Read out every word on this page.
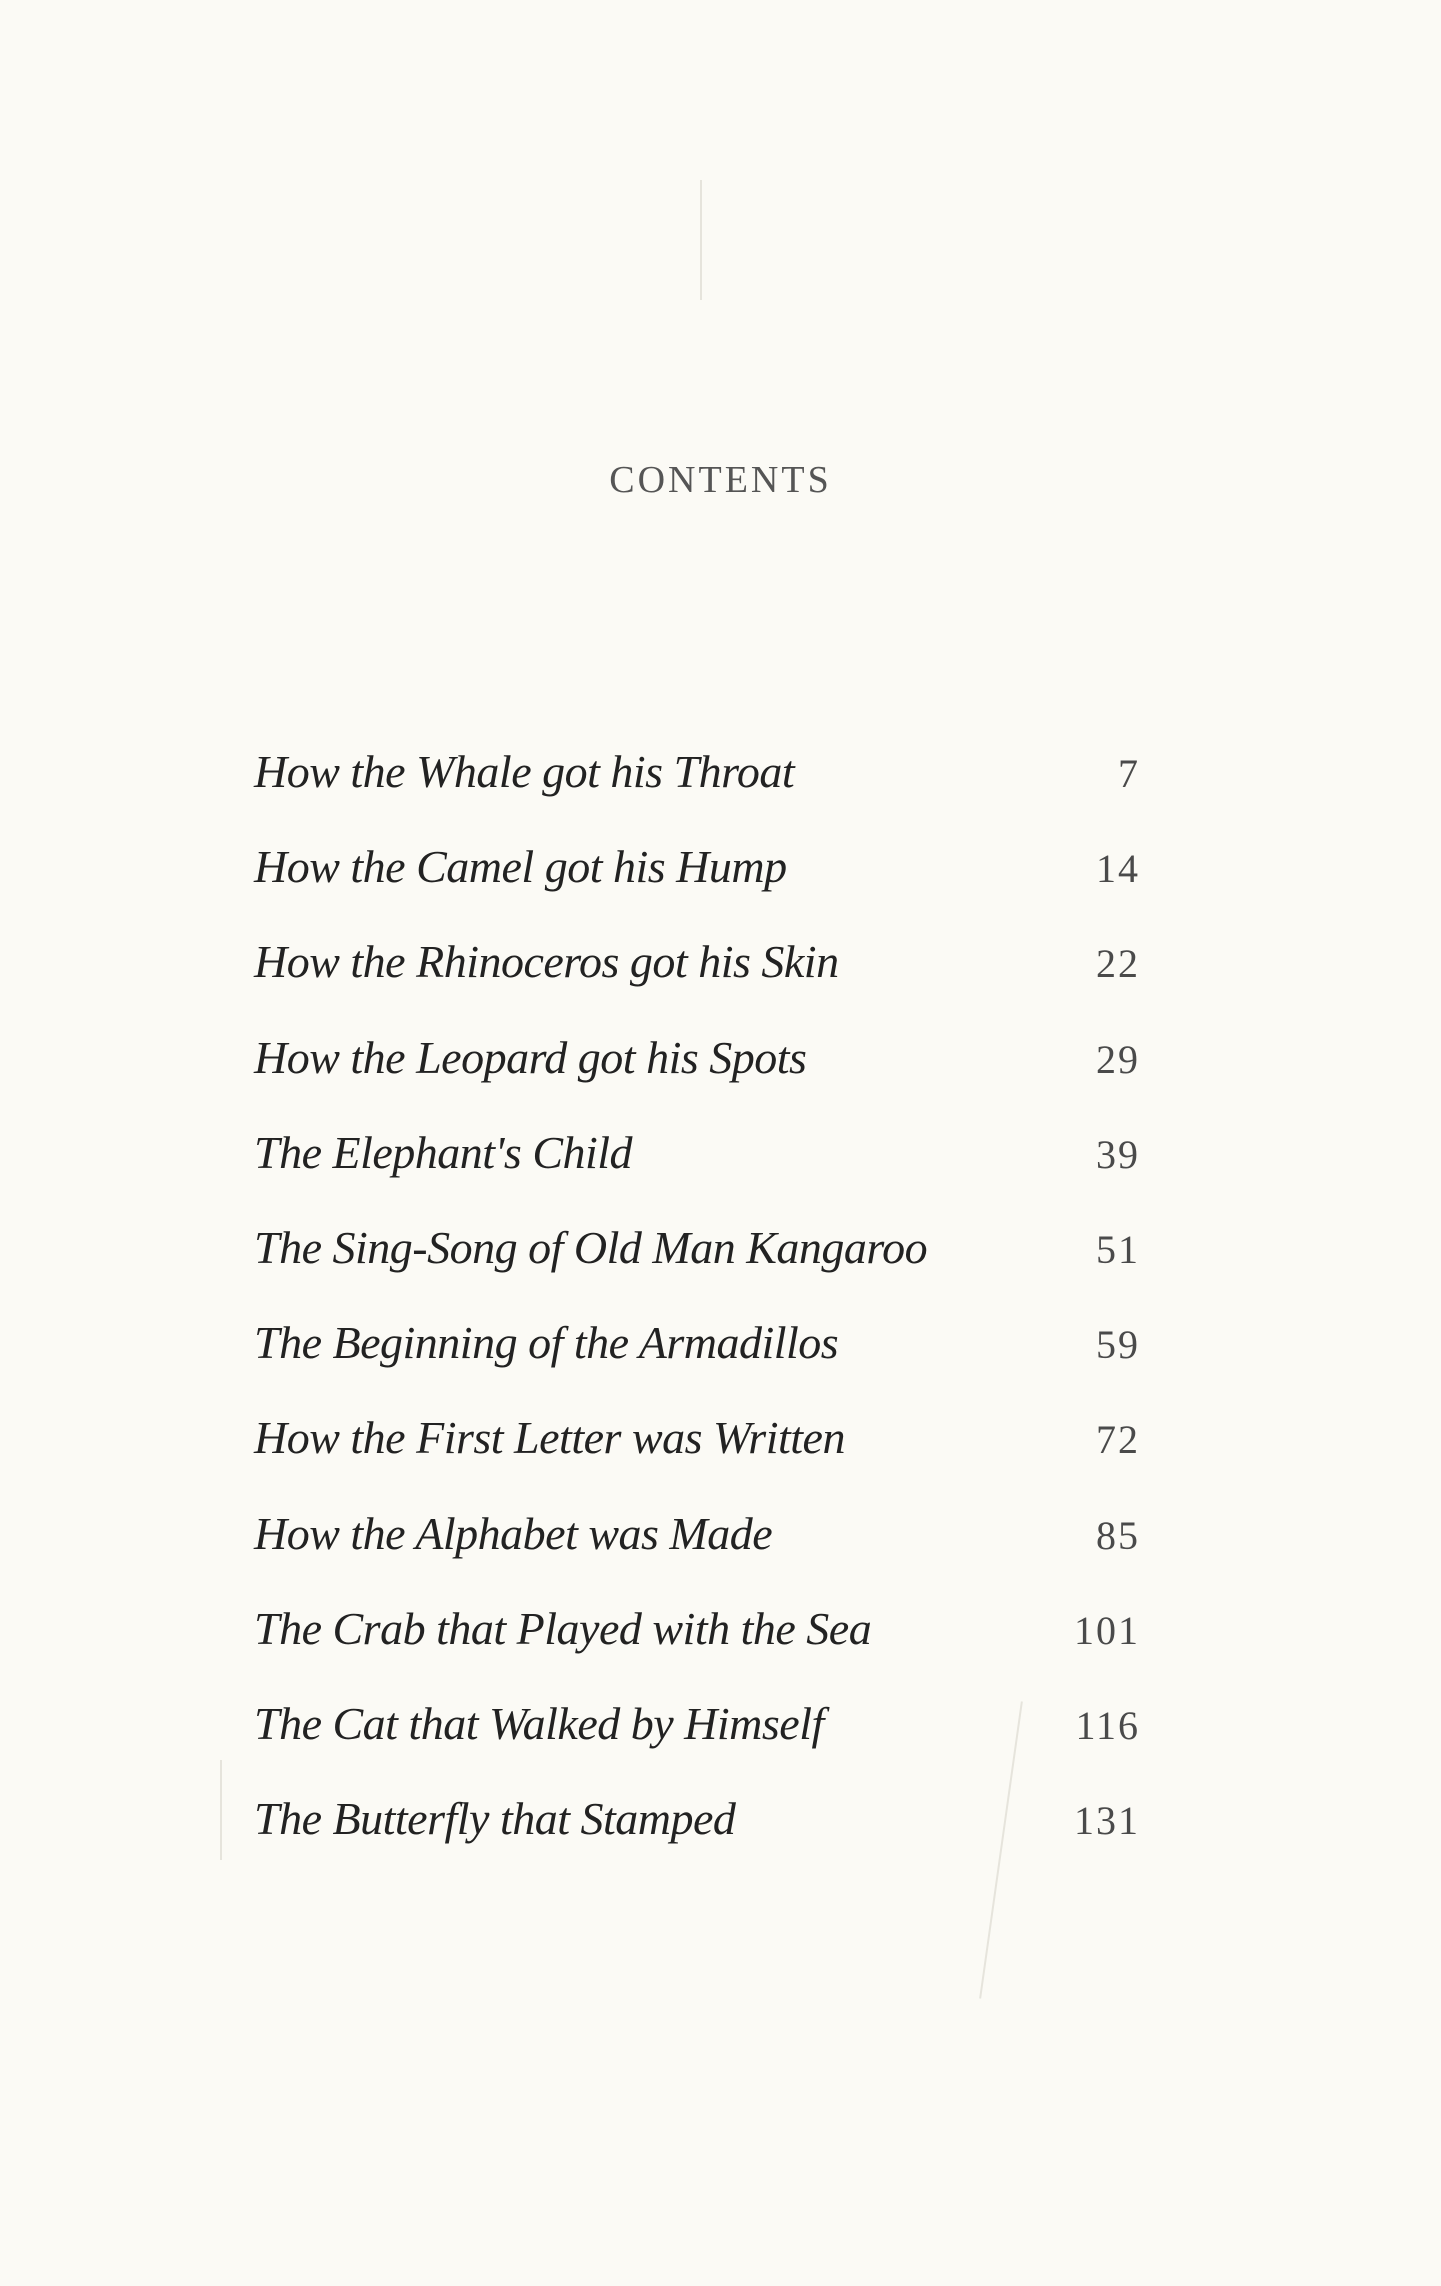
CONTENTS
How the Whale got his Throat	7
How the Camel got his Hump	14
How the Rhinoceros got his Skin	22
How the Leopard got his Spots	29
The Elephant's Child	39
The Sing-Song of Old Man Kangaroo	51
The Beginning of the Armadillos	59
How the First Letter was Written	72
How the Alphabet was Made	85
The Crab that Played with the Sea	101
The Cat that Walked by Himself	116
The Butterfly that Stamped	131
